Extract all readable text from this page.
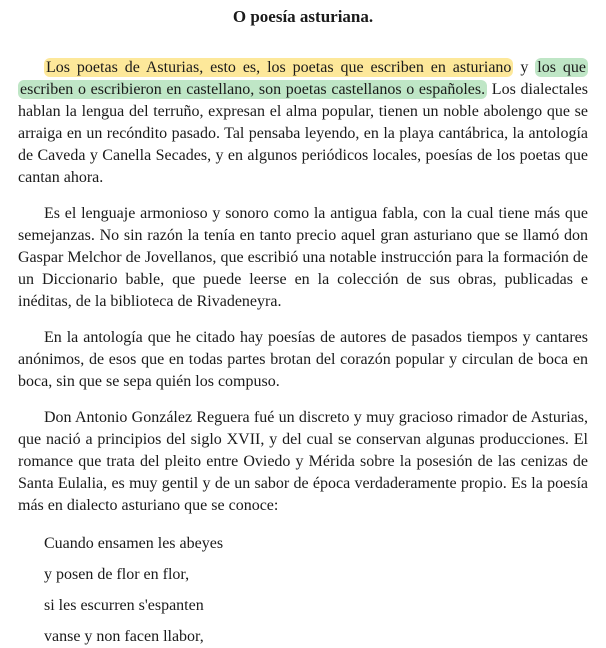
O poesía asturiana.

Los poetas de Asturias, esto es, los poetas que escriben en asturiano y los que escriben o escribieron en castellano, son poetas castellanos o españoles. Los dialectales hablan la lengua del terruño, expresan el alma popular, tienen un noble abolengo que se arraiga en un recóndito pasado. Tal pensaba leyendo, en la playa cantábrica, la antología de Caveda y Canella Secades, y en algunos periódicos locales, poesías de los poetas que cantan ahora.

Es el lenguaje armonioso y sonoro como la antigua fabla, con la cual tiene más que semejanzas. No sin razón la tenía en tanto precio aquel gran asturiano que se llamó don Gaspar Melchor de Jovellanos, que escribió una notable instrucción para la formación de un Diccionario bable, que puede leerse en la colección de sus obras, publicadas e inéditas, de la biblioteca de Rivadeneyra.

En la antología que he citado hay poesías de autores de pasados tiempos y cantares anónimos, de esos que en todas partes brotan del corazón popular y circulan de boca en boca, sin que se sepa quién los compuso.

Don Antonio González Reguera fué un discreto y muy gracioso rimador de Asturias, que nació a principios del siglo XVII, y del cual se conservan algunas producciones. El romance que trata del pleito entre Oviedo y Mérida sobre la posesión de las cenizas de Santa Eulalia, es muy gentil y de un sabor de época verdaderamente propio. Es la poesía más en dialecto asturiano que se conoce:

Cuando ensamen les abeyes

y posen de flor en flor,

si les escurren s'espanten

vanse y non facen llabor,
